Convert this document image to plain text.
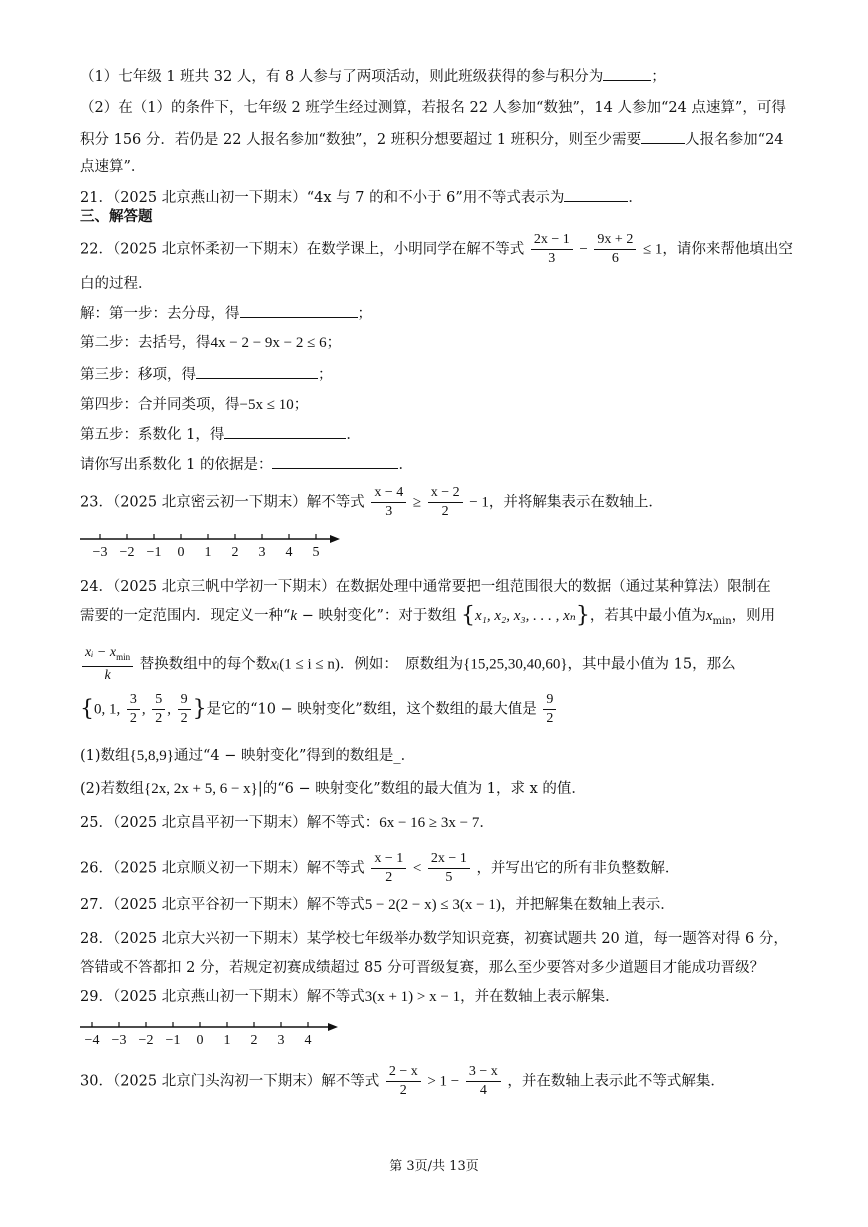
（1）七年级 1 班共 32 人，有 8 人参与了两项活动，则此班级获得的参与积分为	；
（2）在（1）的条件下，七年级 2 班学生经过测算，若报名 22 人参加“数独”，14 人参加“24 点速算”，可得
积分 156 分．若仍是 22 人报名参加“数独”，2 班积分想要超过 1 班积分，则至少需要	人报名参加“24
点速算”．
21．（2025 北京燕山初一下期末）“4x 与 7 的和不小于 6”用不等式表示为	．
三、解答题
22．（2025 北京怀柔初一下期末）在数学课上，小明同学在解不等式 $\frac{2x - 1}{3} - \frac{9x + 2}{6} \le 1$，请你来帮他填出空
白的过程．
解：第一步：去分母，得	；
第二步：去括号，得4x − 2 − 9x − 2 ≤ 6；
第三步：移项，得	；
第四步：合并同类项，得−5x ≤ 10；
第五步：系数化 1，得	．
请你写出系数化 1 的依据是：	．
23．（2025 北京密云初一下期末）解不等式 $\frac{x - 4}{3} \ge \frac{x - 2}{2} - 1$，并将解集表示在数轴上．
−3 −2 −1 0 1 2 3 4 5
24．（2025 北京三帆中学初一下期末）在数据处理中通常要把一组范围很大的数据（通过某种算法）限制在
需要的一定范围内．现定义一种“k − 映射变化”：对于数组 {x₁, x₂, x₃, . . . , xₙ}，若其中最小值为$x_{min}$，则用
$\frac{xᵢ - x_{min}}{k}$ 替换数组中的每个数xᵢ(1 ≤ i ≤ n)．例如：　原数组为{15,25,30,40,60}，其中最小值为 15，那么
{0, 1, $\frac{3}{2}$ , $\frac{5}{2}$ , $\frac{9}{2}$ }是它的“10 − 映射变化”数组，这个数组的最大值是 $\frac{9}{2}$
(1)数组{5,8,9}通过“4 − 映射变化”得到的数组是_．
(2)若数组{2x, 2x + 5, 6 − x}|的“6 − 映射变化”数组的最大值为 1，求 x 的值．
25．（2025 北京昌平初一下期末）解不等式：6x − 16 ≥ 3x − 7．
26．（2025 北京顺义初一下期末）解不等式 $\frac{x - 1}{2} < \frac{2x - 1}{5}$ ，并写出它的所有非负整数解．
27．（2025 北京平谷初一下期末）解不等式5 − 2(2 − x) ≤ 3(x − 1)，并把解集在数轴上表示．
28．（2025 北京大兴初一下期末）某学校七年级举办数学知识竞赛，初赛试题共 20 道，每一题答对得 6 分，
答错或不答都扣 2 分，若规定初赛成绩超过 85 分可晋级复赛，那么至少要答对多少道题目才能成功晋级？
29．（2025 北京燕山初一下期末）解不等式3(x + 1) > x − 1，并在数轴上表示解集．
−4 −3 −2 −1 0 1 2 3 4
30．（2025 北京门头沟初一下期末）解不等式 $\frac{2 - x}{2} > 1 - \frac{3 - x}{4}$ ，并在数轴上表示此不等式解集．
第 3页/共 13页
